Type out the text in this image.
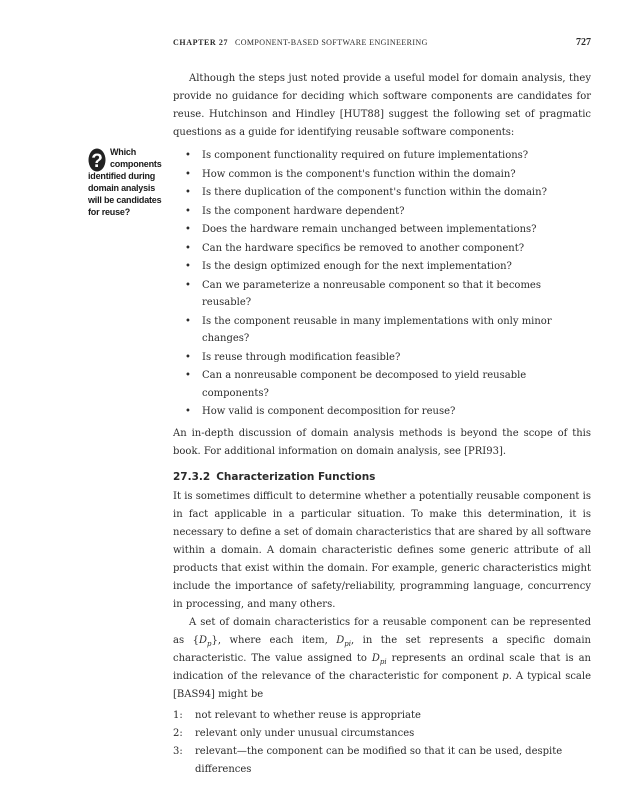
CHAPTER 27 COMPONENT-BASED SOFTWARE ENGINEERING	727
? Which
components
identified during
domain analysis
will be candidates
for reuse?

Although the steps just noted provide a useful model for domain analysis, they provide no guidance for deciding which software components are candidates for reuse. Hutchinson and Hindley [HUT88] suggest the following set of pragmatic questions as a guide for identifying reusable software components:

• Is component functionality required on future implementations?
• How common is the component's function within the domain?
• Is there duplication of the component's function within the domain?
• Is the component hardware dependent?
• Does the hardware remain unchanged between implementations?
• Can the hardware specifics be removed to another component?
• Is the design optimized enough for the next implementation?
• Can we parameterize a nonreusable component so that it becomes reusable?
• Is the component reusable in many implementations with only minor changes?
• Is reuse through modification feasible?
• Can a nonreusable component be decomposed to yield reusable components?
• How valid is component decomposition for reuse?

An in-depth discussion of domain analysis methods is beyond the scope of this book. For additional information on domain analysis, see [PRI93].

27.3.2 Characterization Functions

It is sometimes difficult to determine whether a potentially reusable component is in fact applicable in a particular situation. To make this determination, it is necessary to define a set of domain characteristics that are shared by all software within a domain. A domain characteristic defines some generic attribute of all products that exist within the domain. For example, generic characteristics might include the importance of safety/reliability, programming language, concurrency in processing, and many others.

A set of domain characteristics for a reusable component can be represented as $\{D_p\}$, where each item, $D_{pi}$, in the set represents a specific domain characteristic. The value assigned to $D_{pi}$ represents an ordinal scale that is an indication of the relevance of the characteristic for component p. A typical scale [BAS94] might be

1: not relevant to whether reuse is appropriate
2: relevant only under unusual circumstances
3: relevant—the component can be modified so that it can be used, despite differences
